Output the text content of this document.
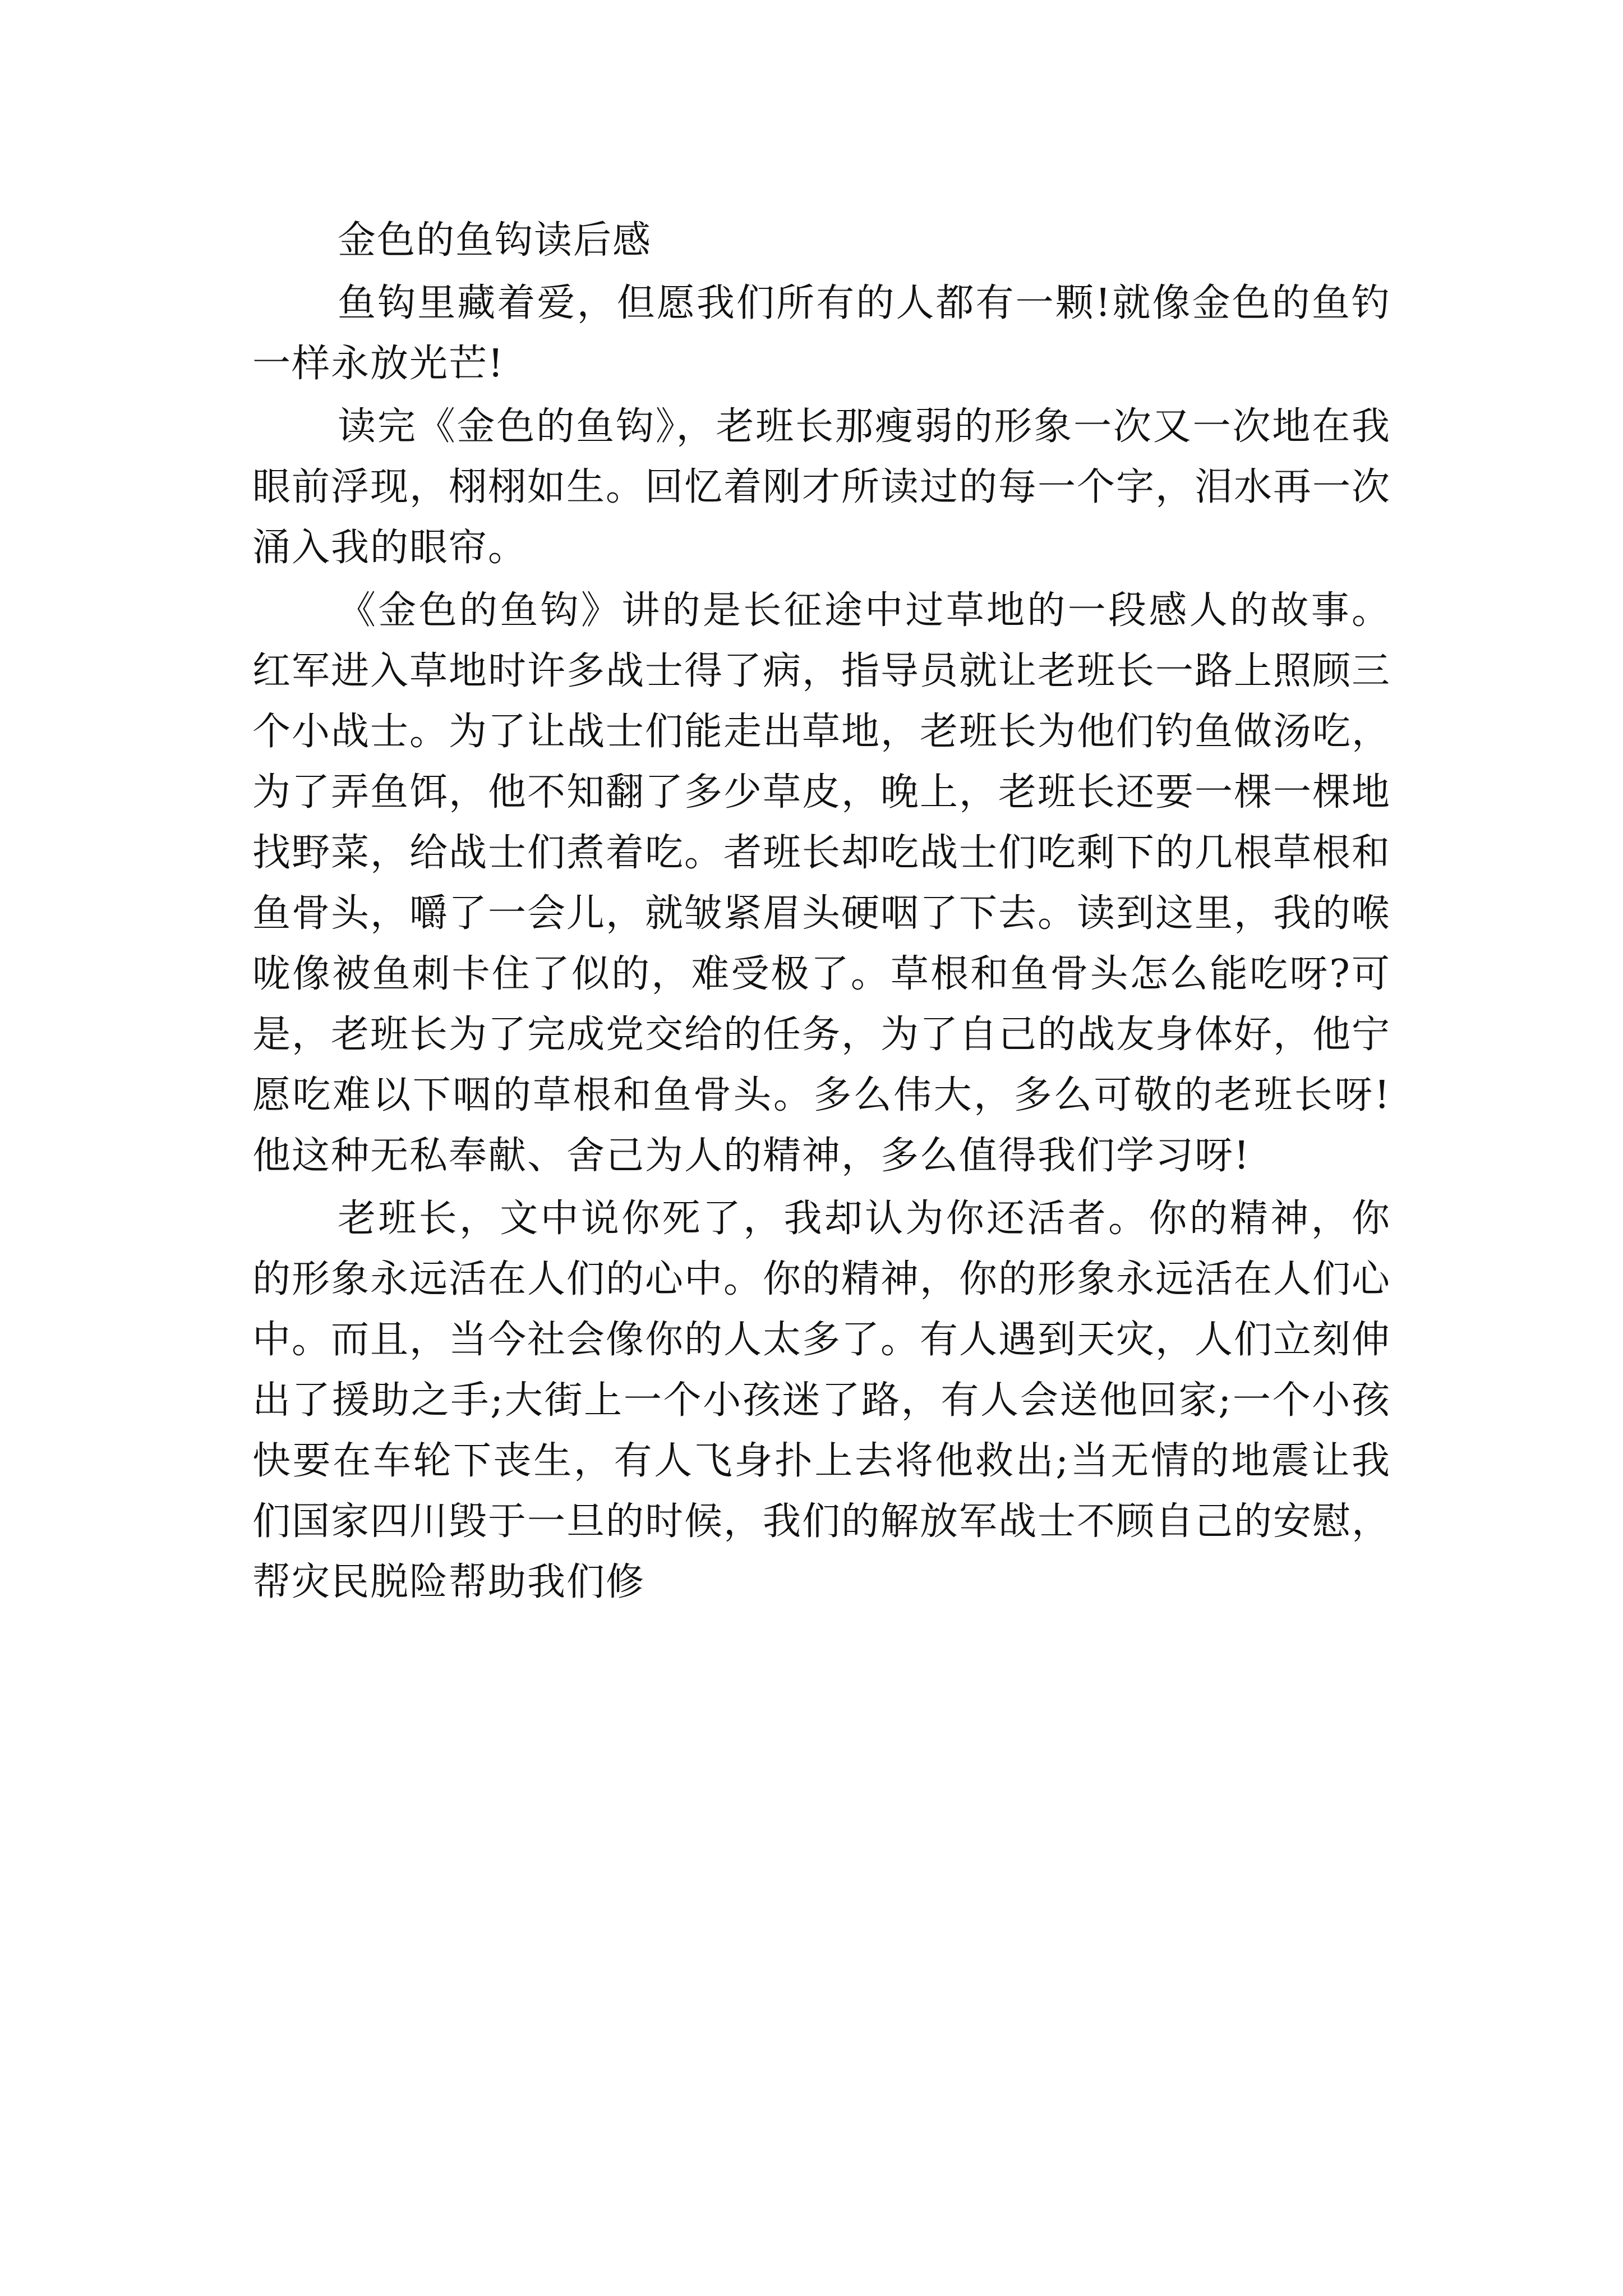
金色的鱼钩读后感

鱼钩里藏着爱，但愿我们所有的人都有一颗!就像金色的鱼钓一样永放光芒!

读完《金色的鱼钩》，老班长那瘦弱的形象一次又一次地在我眼前浮现，栩栩如生。回忆着刚才所读过的每一个字，泪水再一次涌入我的眼帘。

《金色的鱼钩》讲的是长征途中过草地的一段感人的故事。红军进入草地时许多战士得了病，指导员就让老班长一路上照顾三个小战士。为了让战士们能走出草地，老班长为他们钓鱼做汤吃，为了弄鱼饵，他不知翻了多少草皮，晚上，老班长还要一棵一棵地找野菜，给战士们煮着吃。者班长却吃战士们吃剩下的几根草根和鱼骨头，嚼了一会儿，就皱紧眉头硬咽了下去。读到这里，我的喉咙像被鱼刺卡住了似的，难受极了。草根和鱼骨头怎么能吃呀?可是，老班长为了完成党交给的任务，为了自己的战友身体好，他宁愿吃难以下咽的草根和鱼骨头。多么伟大，多么可敬的老班长呀!他这种无私奉献、舍己为人的精神，多么值得我们学习呀!

老班长，文中说你死了，我却认为你还活者。你的精神，你的形象永远活在人们的心中。你的精神，你的形象永远活在人们心中。而且，当今社会像你的人太多了。有人遇到天灾，人们立刻伸出了援助之手;大街上一个小孩迷了路，有人会送他回家;一个小孩快要在车轮下丧生，有人飞身扑上去将他救出;当无情的地震让我们国家四川毁于一旦的时候，我们的解放军战士不顾自己的安慰，帮灾民脱险帮助我们修
